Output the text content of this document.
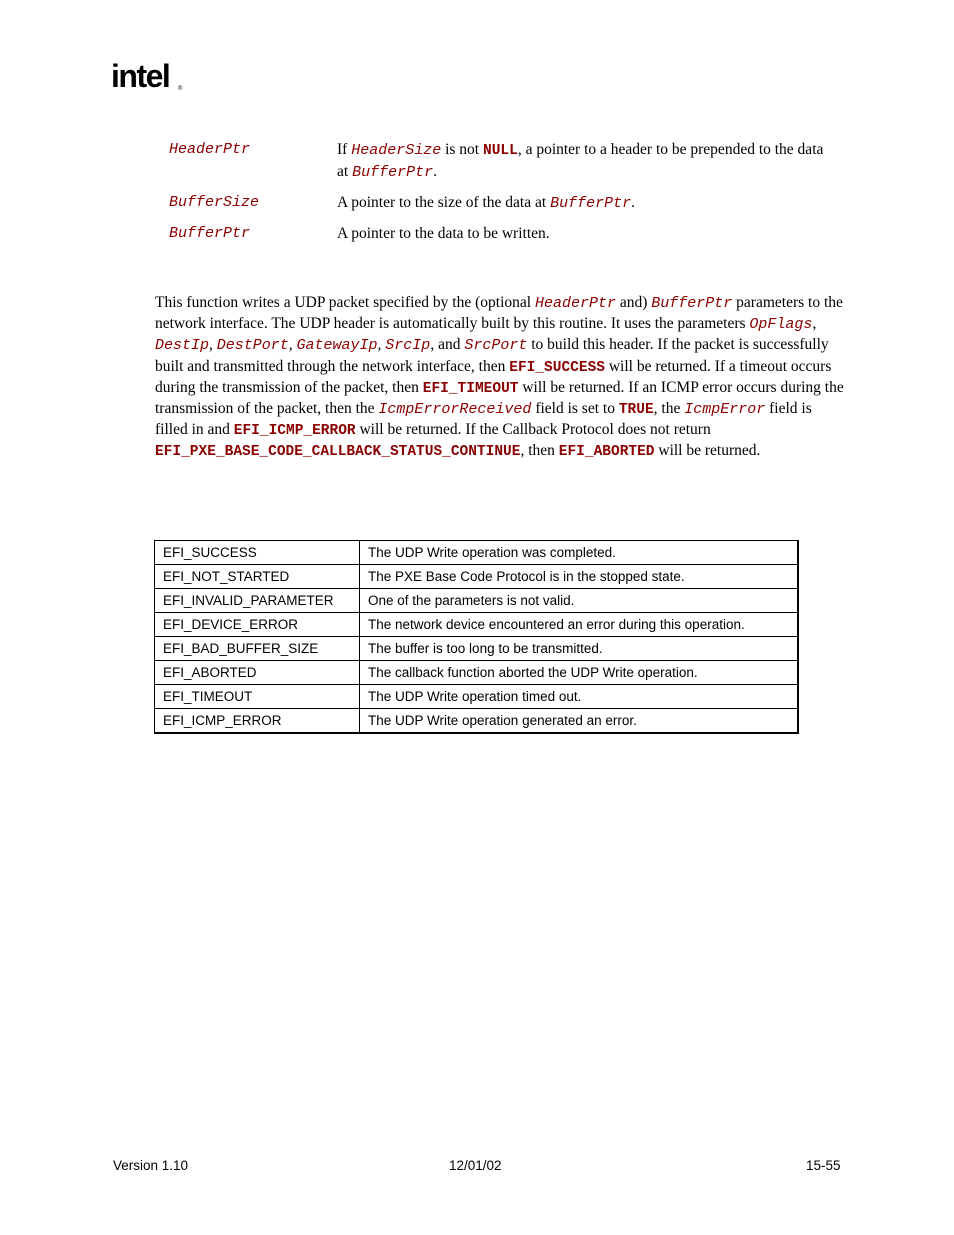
intel ®
HeaderPtr	If HeaderSize is not NULL, a pointer to a header to be prepended to the data at BufferPtr.
BufferSize	A pointer to the size of the data at BufferPtr.
BufferPtr	A pointer to the data to be written.
This function writes a UDP packet specified by the (optional HeaderPtr and) BufferPtr parameters to the network interface. The UDP header is automatically built by this routine. It uses the parameters OpFlags, DestIp, DestPort, GatewayIp, SrcIp, and SrcPort to build this header. If the packet is successfully built and transmitted through the network interface, then EFI_SUCCESS will be returned. If a timeout occurs during the transmission of the packet, then EFI_TIMEOUT will be returned. If an ICMP error occurs during the transmission of the packet, then the IcmpErrorReceived field is set to TRUE, the IcmpError field is filled in and EFI_ICMP_ERROR will be returned. If the Callback Protocol does not return EFI_PXE_BASE_CODE_CALLBACK_STATUS_CONTINUE, then EFI_ABORTED will be returned.
EFI_SUCCESS	The UDP Write operation was completed.
EFI_NOT_STARTED	The PXE Base Code Protocol is in the stopped state.
EFI_INVALID_PARAMETER	One of the parameters is not valid.
EFI_DEVICE_ERROR	The network device encountered an error during this operation.
EFI_BAD_BUFFER_SIZE	The buffer is too long to be transmitted.
EFI_ABORTED	The callback function aborted the UDP Write operation.
EFI_TIMEOUT	The UDP Write operation timed out.
EFI_ICMP_ERROR	The UDP Write operation generated an error.
Version 1.10	12/01/02	15-55
